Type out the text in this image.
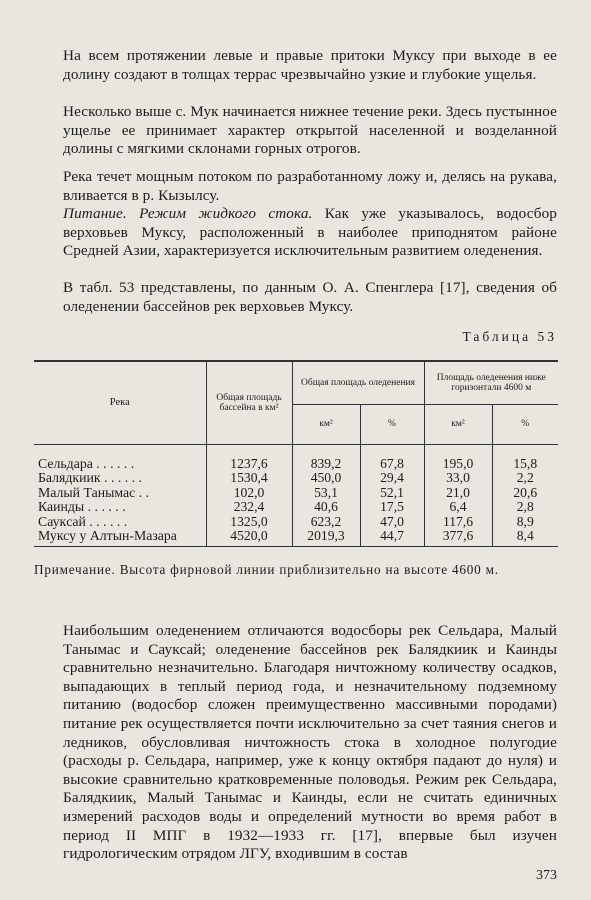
На всем протяжении левые и правые притоки Муксу при выходе в ее долину создают в толщах террас чрезвычайно узкие и глубокие ущелья.

Несколько выше с. Мук начинается нижнее течение реки. Здесь пустынное ущелье ее принимает характер открытой населенной и возделанной долины с мягкими склонами горных отрогов.

Река течет мощным потоком по разработанному ложу и, делясь на рукава, вливается в р. Кызылсу.

Питание. Режим жидкого стока. Как уже указывалось, водосбор верховьев Муксу, расположенный в наиболее приподнятом районе Средней Азии, характеризуется исключительным развитием оледенения.

В табл. 53 представлены, по данным О. А. Спенглера [17], сведения об оледенении бассейнов рек верховьев Муксу.

Таблица 53
Река	Общая площадь бассейна в км²	Общая площадь оледенения		Площадь оледенения ниже горизонтали 4600 м	
		км²	%	км²	%
Сельдара . . . . . .	1237,6	839,2	67,8	195,0	15,8
Балядкиик . . . . . .	1530,4	450,0	29,4	33,0	2,2
Малый Танымас . .	102,0	53,1	52,1	21,0	20,6
Каинды . . . . . .	232,4	40,6	17,5	6,4	2,8
Саукcай . . . . . .	1325,0	623,2	47,0	117,6	8,9
Муксу у Алтын-Мазара	4520,0	2019,3	44,7	377,6	8,4
Примечание. Высота фирновой линии приблизительно на высоте 4600 м.

Наибольшим оледенением отличаются водосборы рек Сельдара, Малый Танымас и Саукcай; оледенение бассейнов рек Балядкиик и Каинды сравнительно незначительно. Благодаря ничтожному количеству осадков, выпадающих в теплый период года, и незначительному подземному питанию (водосбор сложен преимущественно массивными породами) питание рек осуществляется почти исключительно за счет таяния снегов и ледников, обусловливая ничтожность стока в холодное полугодие (расходы р. Сельдара, например, уже к концу октября падают до нуля) и высокие сравнительно кратковременные половодья. Режим рек Сельдара, Балядкиик, Малый Танымас и Каинды, если не считать единичных измерений расходов воды и определений мутности во время работ в период II МПГ в 1932—1933 гг. [17], впервые был изучен гидрологическим отрядом ЛГУ, входившим в состав

373
